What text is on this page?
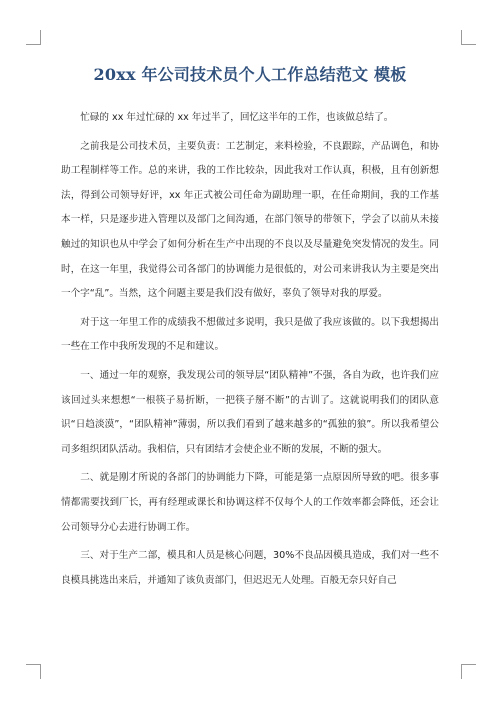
20xx 年公司技术员个人工作总结范文 模板

忙碌的 xx 年过忙碌的 xx 年过半了，回忆这半年的工作，也该做总结了。

之前我是公司技术员，主要负责：工艺制定，来料检验，不良跟踪，产品调色，和协助工程制样等工作。总的来讲，我的工作比较杂，因此我对工作认真，积极，且有创新想法，得到公司领导好评，xx 年正式被公司任命为副助理一职，在任命期间，我的工作基本一样，只是逐步进入管理以及部门之间沟通，在部门领导的带领下，学会了以前从未接触过的知识也从中学会了如何分析在生产中出现的不良以及尽量避免突发情况的发生。同时，在这一年里，我觉得公司各部门的协调能力是很低的，对公司来讲我认为主要是突出一个字“乱”。当然，这个问题主要是我们没有做好，辜负了领导对我的厚爱。

对于这一年里工作的成绩我不想做过多说明，我只是做了我应该做的。以下我想揭出一些在工作中我所发现的不足和建议。

一、通过一年的观察，我发现公司的领导层“团队精神”不强，各自为政，也许我们应该回过头来想想“一根筷子易折断，一把筷子掰不断”的古训了。这就说明我们的团队意识“日趋淡漠”，“团队精神”薄弱，所以我们看到了越来越多的“孤独的狼”。所以我希望公司多组织团队活动。我相信，只有团结才会使企业不断的发展，不断的强大。

二、就是刚才所说的各部门的协调能力下降，可能是第一点原因所导致的吧。很多事情都需要找到厂长，再有经理或课长和协调这样不仅每个人的工作效率都会降低，还会让公司领导分心去进行协调工作。

三、对于生产二部，模具和人员是核心问题，30%不良品因模具造成，我们对一些不良模具挑选出来后，并通知了该负责部门，但迟迟无人处理。百般无奈只好自己
